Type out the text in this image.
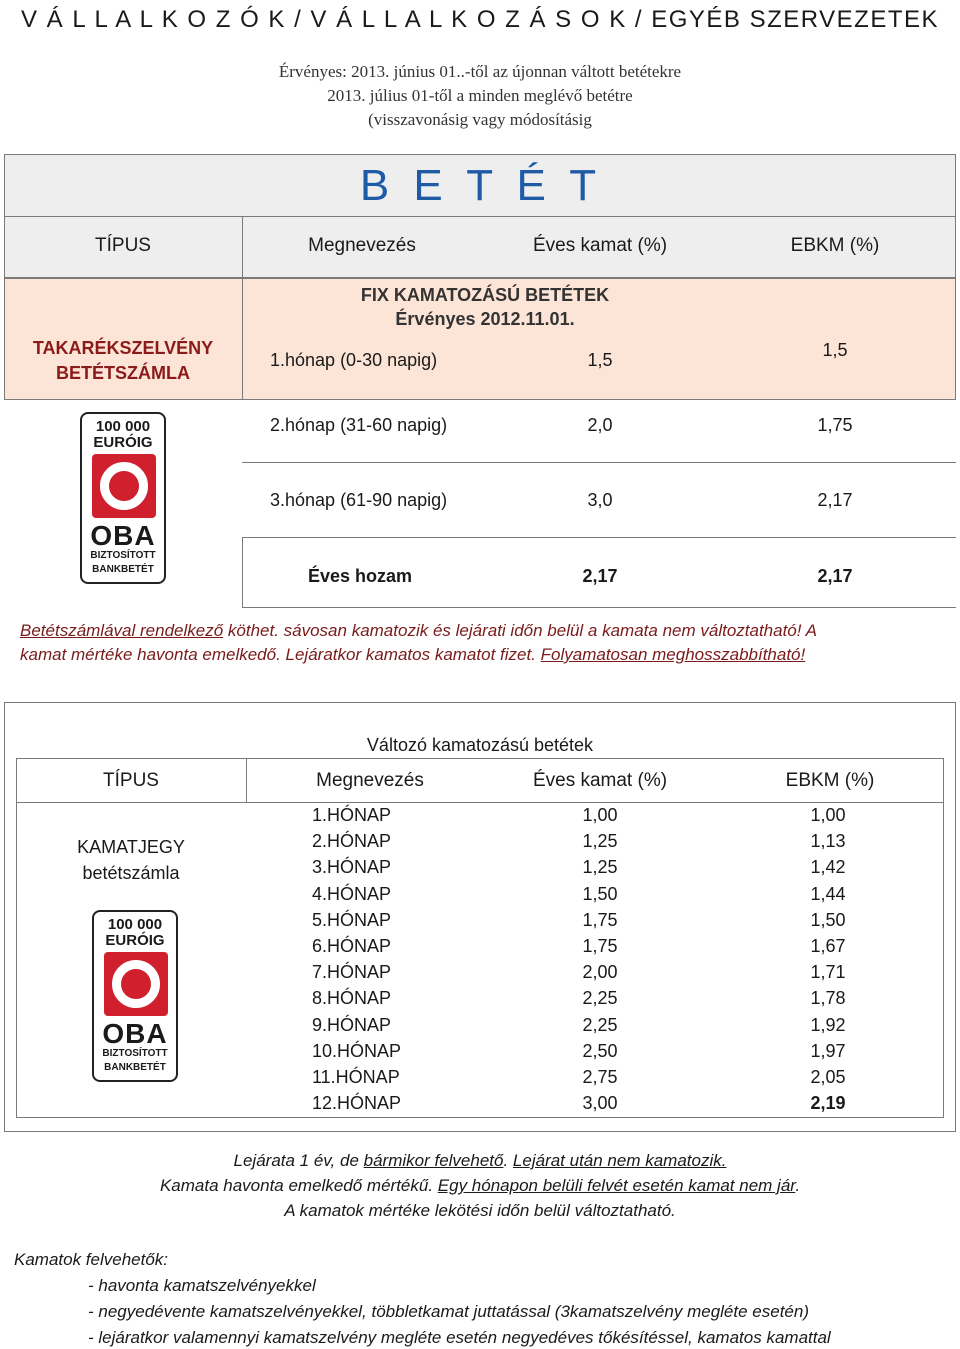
V Á L L A L K O Z Ó K / V Á L L A L K O Z Á S O K / EGYÉB SZERVEZETEK
Érvényes: 2013. június 01..-től az újonnan váltott betétekre
2013. július 01-től a minden meglévő betétre
(visszavonásig vagy módosításig
B E T É T
TÍPUS	Megnevezés	Éves kamat (%)	EBKM (%)
TAKARÉKSZELVÉNY
BETÉTSZÁMLA
FIX KAMATOZÁSÚ BETÉTEK
Érvényes 2012.11.01.
1.hónap (0-30 napig)	1,5	1,5
2.hónap (31-60 napig)	2,0	1,75
3.hónap (61-90 napig)	3,0	2,17
Éves hozam	2,17	2,17
100 000
EURÓIG
OBA
BIZTOSÍTOTT
BANKBETÉT
Betétszámlával rendelkező köthet. sávosan kamatozik és lejárati időn belül a kamata nem változtatható! A
kamat mértéke havonta emelkedő. Lejáratkor kamatos kamatot fizet. Folyamatosan meghosszabbítható!
Változó kamatozású betétek
TÍPUS	Megnevezés	Éves kamat (%)	EBKM (%)
KAMATJEGY
betétszámla
1.HÓNAP	1,00	1,00
2.HÓNAP	1,25	1,13
3.HÓNAP	1,25	1,42
4.HÓNAP	1,50	1,44
5.HÓNAP	1,75	1,50
6.HÓNAP	1,75	1,67
7.HÓNAP	2,00	1,71
8.HÓNAP	2,25	1,78
9.HÓNAP	2,25	1,92
10.HÓNAP	2,50	1,97
11.HÓNAP	2,75	2,05
12.HÓNAP	3,00	2,19
100 000
EURÓIG
OBA
BIZTOSÍTOTT
BANKBETÉT
Lejárata 1 év, de bármikor felvehető. Lejárat után nem kamatozik.
Kamata havonta emelkedő mértékű. Egy hónapon belüli felvét esetén kamat nem jár.
A kamatok mértéke lekötési időn belül változtatható.
Kamatok felvehetők:
- havonta kamatszelvényekkel
- negyedévente kamatszelvényekkel, többletkamat juttatással (3kamatszelvény megléte esetén)
- lejáratkor valamennyi kamatszelvény megléte esetén negyedéves tőkésítéssel, kamatos kamattal
